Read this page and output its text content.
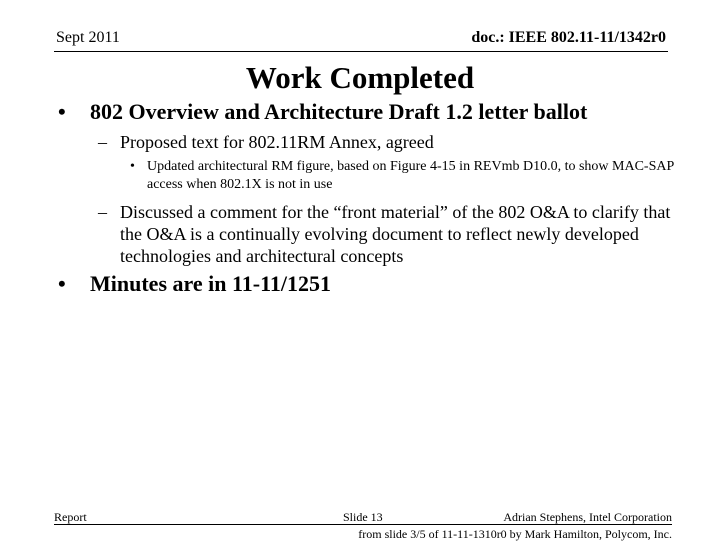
Sept 2011	doc.: IEEE 802.11-11/1342r0
Work Completed
•	802 Overview and Architecture Draft 1.2 letter ballot
– Proposed text for 802.11RM Annex, agreed
• Updated architectural RM figure, based on Figure 4-15 in REVmb D10.0, to show MAC-SAP access when 802.1X is not in use
– Discussed a comment for the “front material” of the 802 O&A to clarify that the O&A is a continually evolving document to reflect newly developed technologies and architectural concepts
•	Minutes are in 11-11/1251
Report	Slide 13	Adrian Stephens, Intel Corporation
from slide 3/5 of 11-11-1310r0 by Mark Hamilton, Polycom, Inc.
